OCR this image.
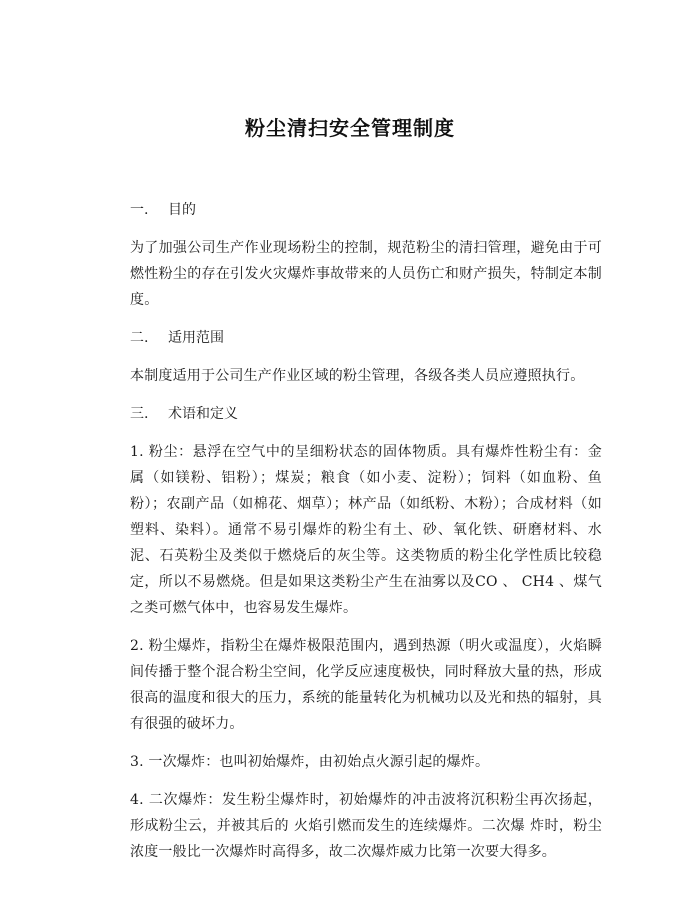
粉尘清扫安全管理制度
一. 目的

为了加强公司生产作业现场粉尘的控制，规范粉尘的清扫管理，避免由于可燃性粉尘的存在引发火灾爆炸事故带来的人员伤亡和财产损失，特制定本制度。

二. 适用范围

本制度适用于公司生产作业区域的粉尘管理，各级各类人员应遵照执行。

三. 术语和定义

1. 粉尘：悬浮在空气中的呈细粉状态的固体物质。具有爆炸性粉尘有：金属（如镁粉、铝粉）；煤炭；粮食（如小麦、淀粉）；饲料（如血粉、鱼粉）；农副产品（如棉花、烟草）；林产品（如纸粉、木粉）；合成材料（如塑料、染料）。通常不易引爆炸的粉尘有土、砂、氧化铁、研磨材料、水 泥、石英粉尘及类似于燃烧后的灰尘等。这类物质的粉尘化学性质比较稳定，所以不易燃烧。但是如果这类粉尘产生在油雾以及CO 、 CH4 、煤气之类可燃气体中，也容易发生爆炸。

2. 粉尘爆炸，指粉尘在爆炸极限范围内，遇到热源（明火或温度），火焰瞬间传播于整个混合粉尘空间，化学反应速度极快，同时释放大量的热，形成很高的温度和很大的压力，系统的能量转化为机械功以及光和热的辐射，具有很强的破坏力。

3. 一次爆炸：也叫初始爆炸，由初始点火源引起的爆炸。

4. 二次爆炸：发生粉尘爆炸时，初始爆炸的冲击波将沉积粉尘再次扬起，形成粉尘云，并被其后的 火焰引燃而发生的连续爆炸。二次爆 炸时，粉尘浓度一般比一次爆炸时高得多，故二次爆炸威力比第一次要大得多。
